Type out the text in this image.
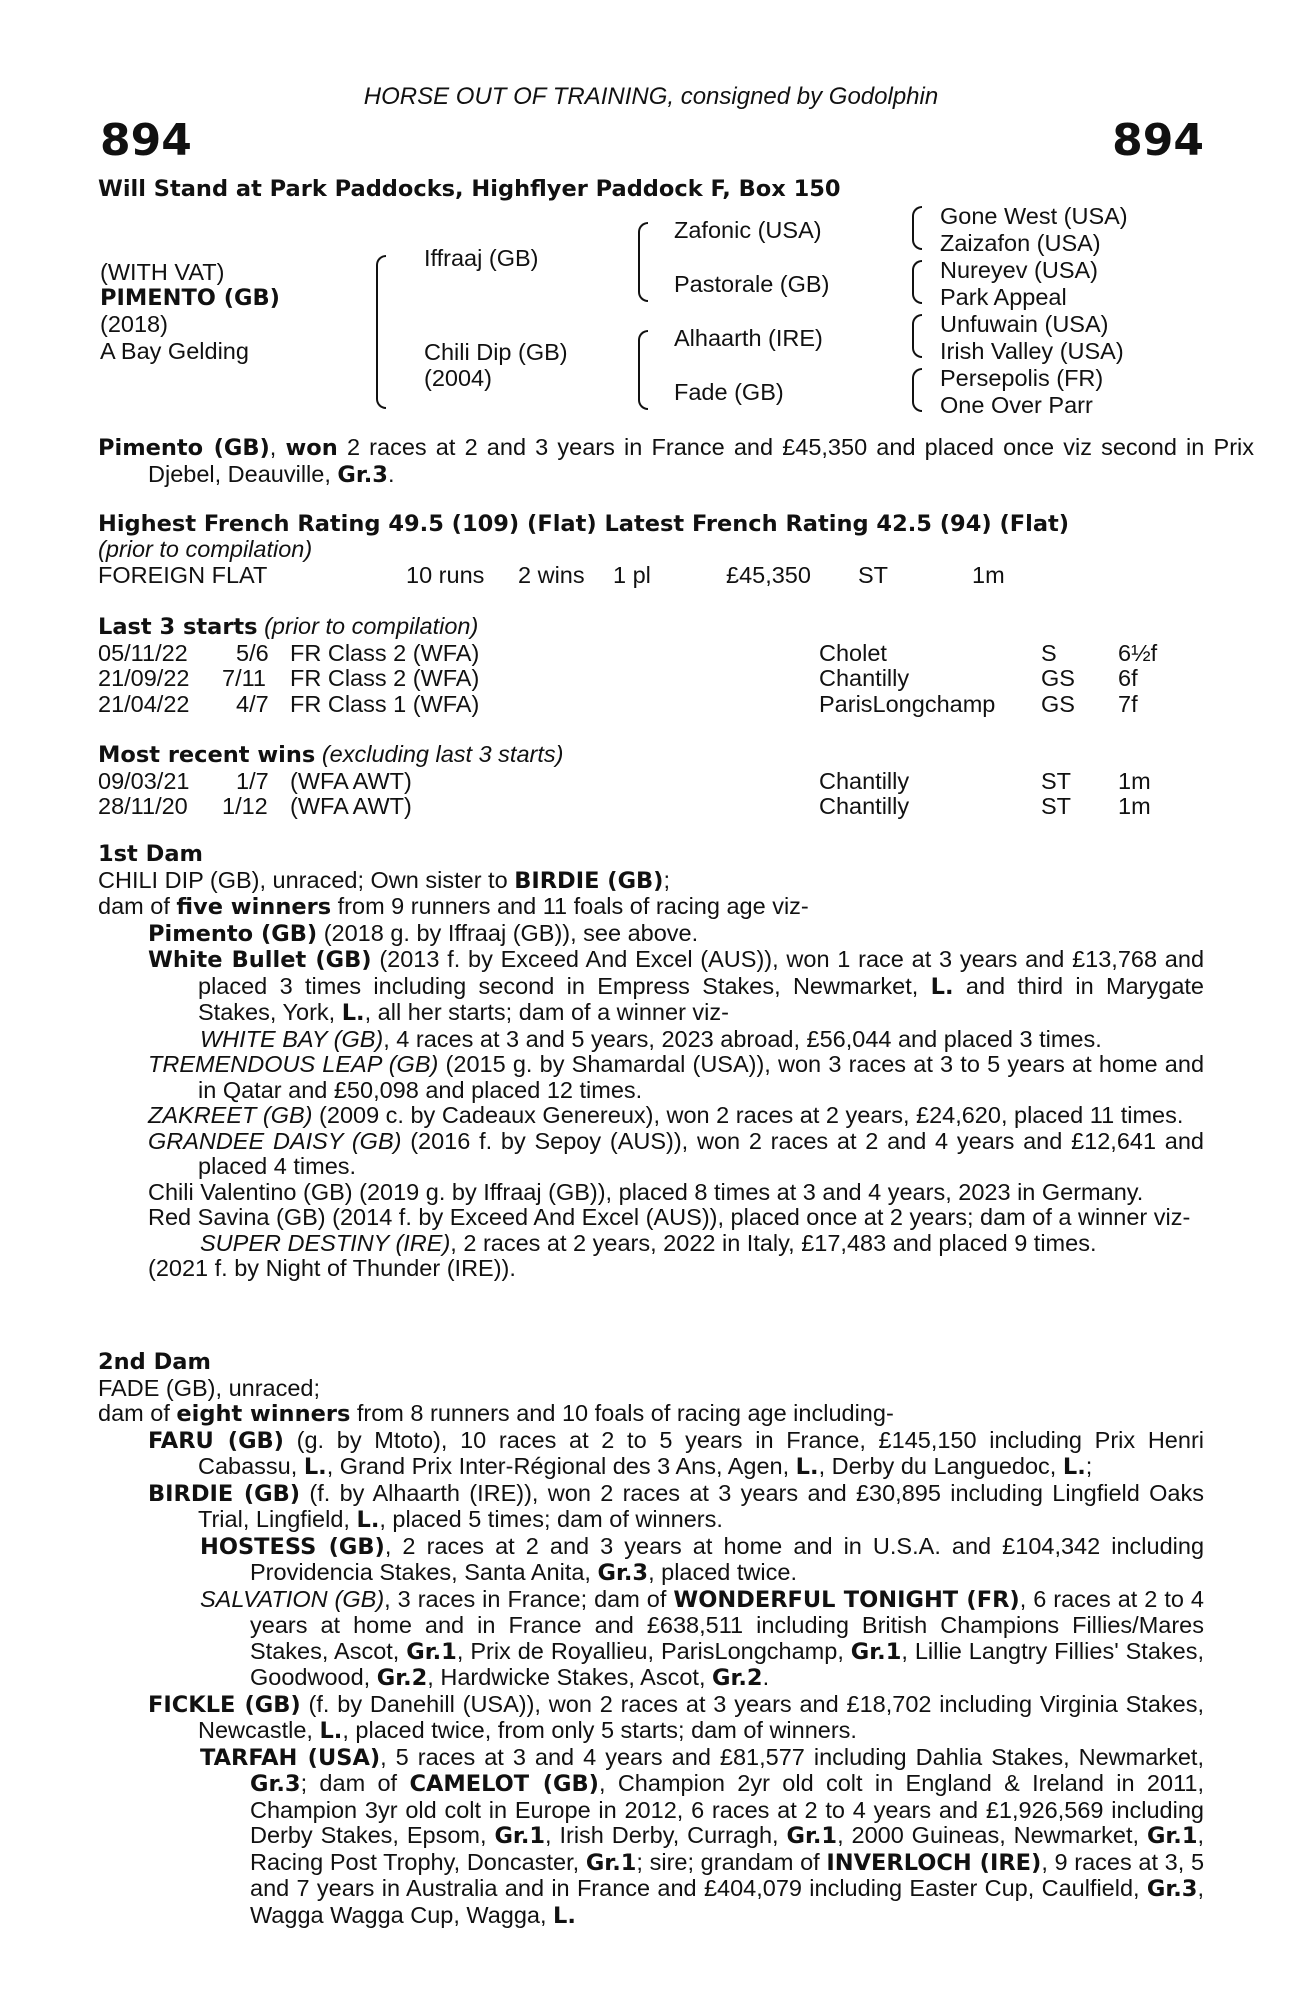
HORSE OUT OF TRAINING, consigned by Godolphin
894	894
Will Stand at Park Paddocks, Highflyer Paddock F, Box 150
(WITH VAT)
PIMENTO (GB)
(2018)
A Bay Gelding
Iffraaj (GB)
Chili Dip (GB)
(2004)
Zafonic (USA)
Pastorale (GB)
Alhaarth (IRE)
Fade (GB)
Gone West (USA)
Zaizafon (USA)
Nureyev (USA)
Park Appeal
Unfuwain (USA)
Irish Valley (USA)
Persepolis (FR)
One Over Parr
Pimento (GB), won 2 races at 2 and 3 years in France and £45,350 and placed once viz second in Prix Djebel, Deauville, Gr.3.
Highest French Rating 49.5 (109) (Flat) Latest French Rating 42.5 (94) (Flat)
(prior to compilation)
FOREIGN FLAT	10 runs 2 wins 1 pl	£45,350 ST	1m
Last 3 starts (prior to compilation)
05/11/22 5/6 FR Class 2 (WFA)	Cholet	S	6½f
21/09/22 7/11 FR Class 2 (WFA)	Chantilly	GS 6f
21/04/22 4/7 FR Class 1 (WFA)	ParisLongchamp GS 7f
Most recent wins (excluding last 3 starts)
09/03/21 1/7 (WFA AWT)	Chantilly	ST 1m
28/11/20 1/12 (WFA AWT)	Chantilly	ST 1m
1st Dam
CHILI DIP (GB), unraced; Own sister to BIRDIE (GB);
dam of five winners from 9 runners and 11 foals of racing age viz-
Pimento (GB) (2018 g. by Iffraaj (GB)), see above.
White Bullet (GB) (2013 f. by Exceed And Excel (AUS)), won 1 race at 3 years and £13,768 and placed 3 times including second in Empress Stakes, Newmarket, L. and third in Marygate Stakes, York, L., all her starts; dam of a winner viz-
WHITE BAY (GB), 4 races at 3 and 5 years, 2023 abroad, £56,044 and placed 3 times.
TREMENDOUS LEAP (GB) (2015 g. by Shamardal (USA)), won 3 races at 3 to 5 years at home and in Qatar and £50,098 and placed 12 times.
ZAKREET (GB) (2009 c. by Cadeaux Genereux), won 2 races at 2 years, £24,620, placed 11 times.
GRANDEE DAISY (GB) (2016 f. by Sepoy (AUS)), won 2 races at 2 and 4 years and £12,641 and placed 4 times.
Chili Valentino (GB) (2019 g. by Iffraaj (GB)), placed 8 times at 3 and 4 years, 2023 in Germany.
Red Savina (GB) (2014 f. by Exceed And Excel (AUS)), placed once at 2 years; dam of a winner viz-
SUPER DESTINY (IRE), 2 races at 2 years, 2022 in Italy, £17,483 and placed 9 times.
(2021 f. by Night of Thunder (IRE)).
2nd Dam
FADE (GB), unraced;
dam of eight winners from 8 runners and 10 foals of racing age including-
FARU (GB) (g. by Mtoto), 10 races at 2 to 5 years in France, £145,150 including Prix Henri Cabassu, L., Grand Prix Inter-Régional des 3 Ans, Agen, L., Derby du Languedoc, L.;
BIRDIE (GB) (f. by Alhaarth (IRE)), won 2 races at 3 years and £30,895 including Lingfield Oaks Trial, Lingfield, L., placed 5 times; dam of winners.
HOSTESS (GB), 2 races at 2 and 3 years at home and in U.S.A. and £104,342 including Providencia Stakes, Santa Anita, Gr.3, placed twice.
SALVATION (GB), 3 races in France; dam of WONDERFUL TONIGHT (FR), 6 races at 2 to 4 years at home and in France and £638,511 including British Champions Fillies/Mares Stakes, Ascot, Gr.1, Prix de Royallieu, ParisLongchamp, Gr.1, Lillie Langtry Fillies' Stakes, Goodwood, Gr.2, Hardwicke Stakes, Ascot, Gr.2.
FICKLE (GB) (f. by Danehill (USA)), won 2 races at 3 years and £18,702 including Virginia Stakes, Newcastle, L., placed twice, from only 5 starts; dam of winners.
TARFAH (USA), 5 races at 3 and 4 years and £81,577 including Dahlia Stakes, Newmarket, Gr.3; dam of CAMELOT (GB), Champion 2yr old colt in England & Ireland in 2011, Champion 3yr old colt in Europe in 2012, 6 races at 2 to 4 years and £1,926,569 including Derby Stakes, Epsom, Gr.1, Irish Derby, Curragh, Gr.1, 2000 Guineas, Newmarket, Gr.1, Racing Post Trophy, Doncaster, Gr.1; sire; grandam of INVERLOCH (IRE), 9 races at 3, 5 and 7 years in Australia and in France and £404,079 including Easter Cup, Caulfield, Gr.3, Wagga Wagga Cup, Wagga, L.
